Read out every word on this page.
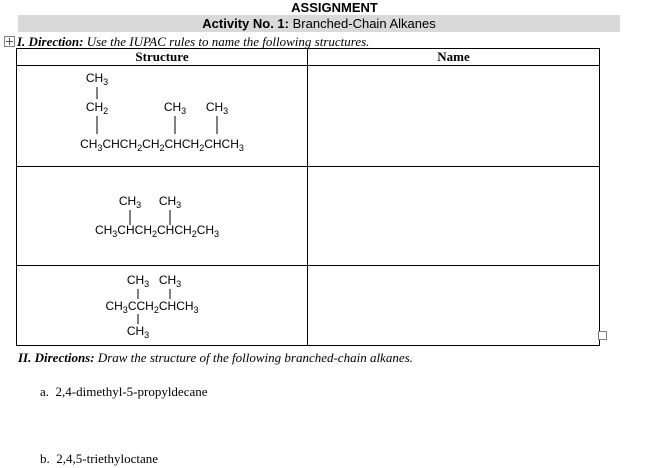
ASSIGNMENT
Activity No. 1: Branched-Chain Alkanes
I. Direction: Use the IUPAC rules to name the following structures.
Structure	Name

$CH_3$
$CH_2$ $CH_3$ $CH_3$
$CH_3CHCH_2CH_2CHCH_2CHCH_3$

$CH_3$ $CH_3$
$CH_3CHCH_2CHCH_2CH_3$

$CH_3$ $CH_3$
$CH_3CCH_2CHCH_3$
$CH_3$

II. Directions: Draw the structure of the following branched-chain alkanes.
a. 2,4-dimethyl-5-propyldecane
b. 2,4,5-triethyloctane
